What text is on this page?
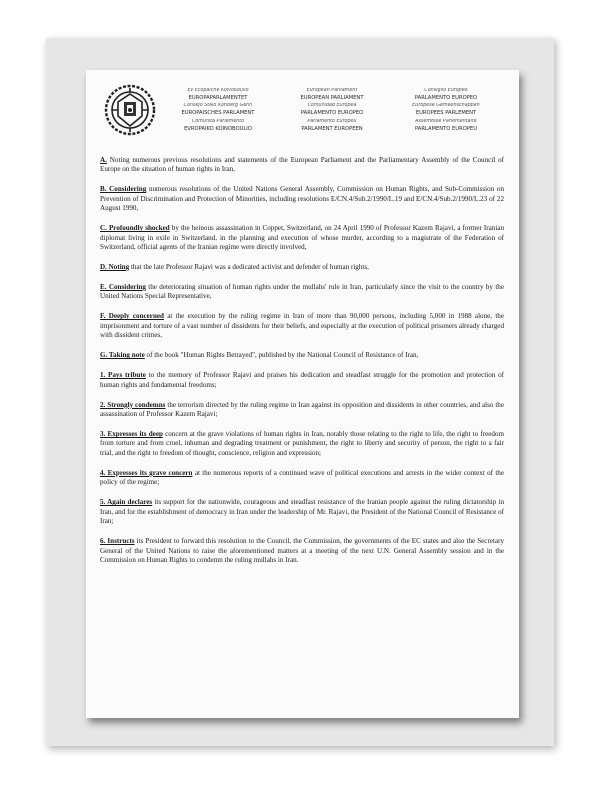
Ev Ecopaiche Koivoßoulio
EUROPAPARLAMENTET
Consejo Stalo Koriberg Genn
EUROPAISCHES PARLAMENT
Comunità Parlemento
EVROPAIKO KOINOBOULIO
European Parliament
EUROPEAN PARLIAMENT
Comunidad Europea
PARLAMENTO EUROPEO
Parlamento Europeu
PARLAMENT EUROPEEN
Consiglio Europeo
PARLAMENTO EUROPEO
Europese Gemeenschappen
EUROPEES PARLEMENT
Assemblée Parlementaire
PARLAMENTO EUROPEU

A. Noting numerous previous resolutions and statements of the European Parliament and the Parliamentary Assembly of the Council of Europe on the situation of human rights in Iran,

B. Considering numerous resolutions of the United Nations General Assembly, Commission on Human Rights, and Sub-Commission on Prevention of Discrimination and Protection of Minorities, including resolutions E/CN.4/Sub.2/1990/L.19 and E/CN.4/Sub.2/1990/L.23 of 22 August 1990,

C. Profoundly shocked by the heinous assassination in Coppet, Switzerland, on 24 April 1990 of Professor Kazem Rajavi, a former Iranian diplomat living in exile in Switzerland, in the planning and execution of whose murder, according to a magistrate of the Federation of Switzerland, official agents of the Iranian regime were directly involved,

D. Noting that the late Professor Rajavi was a dedicated activist and defender of human rights,

E. Considering the deteriorating situation of human rights under the mullahs' rule in Iran, particularly since the visit to the country by the United Nations Special Representative,

F. Deeply concerned at the execution by the ruling regime in Iran of more than 90,000 persons, including 5,000 in 1988 alone, the imprisonment and torture of a vast number of dissidents for their beliefs, and especially at the execution of political prisoners already charged with dissident crimes,

G. Taking note of the book "Human Rights Betrayed", published by the National Council of Resistance of Iran,

1. Pays tribute to the memory of Professor Rajavi and praises his dedication and steadfast struggle for the promotion and protection of human rights and fundamental freedoms;

2. Strongly condemns the terrorism directed by the ruling regime in Iran against its opposition and dissidents in other countries, and also the assassination of Professor Kazem Rajavi;

3. Expresses its deep concern at the grave violations of human rights in Iran, notably those relating to the right to life, the right to freedom from torture and from cruel, inhuman and degrading treatment or punishment, the right to liberty and security of person, the right to a fair trial, and the right to freedom of thought, conscience, religion and expression;

4. Expresses its grave concern at the numerous reports of a continued wave of political executions and arrests in the wider context of the policy of the regime;

5. Again declares its support for the nationwide, courageous and steadfast resistance of the Iranian people against the ruling dictatorship in Iran, and for the establishment of democracy in Iran under the leadership of Mr. Rajavi, the President of the National Council of Resistance of Iran;

6. Instructs its President to forward this resolution to the Council, the Commission, the governments of the EC states and also the Secretary General of the United Nations to raise the aforementioned matters at a meeting of the next U.N. General Assembly session and in the Commission on Human Rights to condemn the ruling mullahs in Iran.
